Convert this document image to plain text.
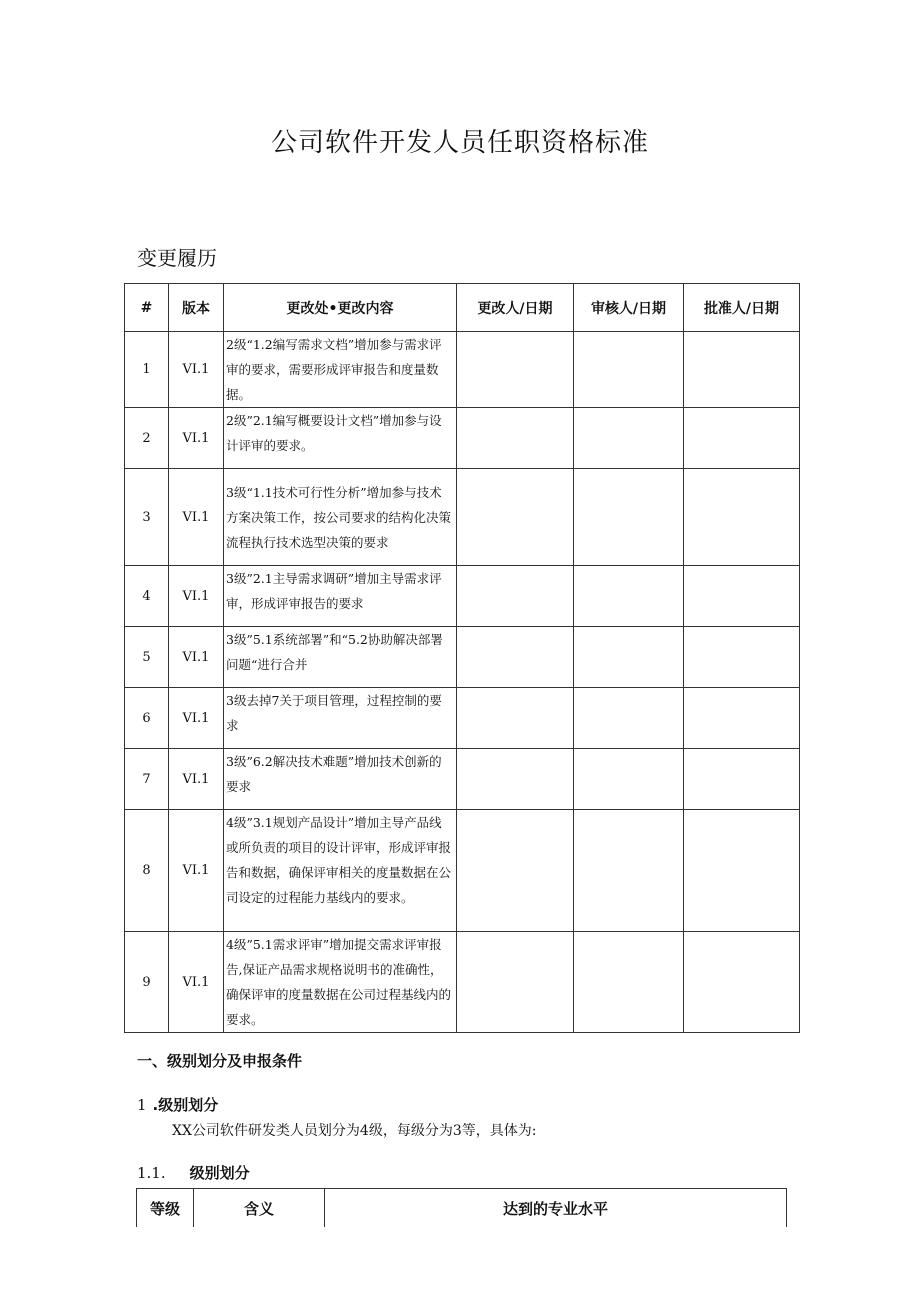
公司软件开发人员任职资格标准
变更履历
#	版本	更改处•更改内容	更改人/日期	审核人/日期	批准人/日期
1	VI.1	2级“1.2编写需求文档”增加参与需求评审的要求，需要形成评审报告和度量数据。			
2	VI.1	2级”2.1编写概要设计文档”增加参与设计评审的要求。			
3	VI.1	3级“1.1技术可行性分析”增加参与技术方案决策工作，按公司要求的结构化决策流程执行技术选型决策的要求			
4	VI.1	3级”2.1主导需求调研”增加主导需求评审，形成评审报告的要求			
5	VI.1	3级”5.1系统部署”和“5.2协助解决部署问题“进行合并			
6	VI.1	3级去掉7关于项目管理，过程控制的要求			
7	VI.1	3级”6.2解决技术难题”增加技术创新的要求			
8	VI.1	4级”3.1规划产品设计”增加主导产品线或所负责的项目的设计评审，形成评审报告和数据，确保评审相关的度量数据在公司设定的过程能力基线内的要求。			
9	VI.1	4级”5.1需求评审”增加提交需求评审报告,保证产品需求规格说明书的准确性，确保评审的度量数据在公司过程基线内的要求。			
一、级别划分及申报条件
1 .级别划分
XX公司软件研发类人员划分为4级，每级分为3等，具体为:
1.1. 级别划分
等级	含义	达到的专业水平
